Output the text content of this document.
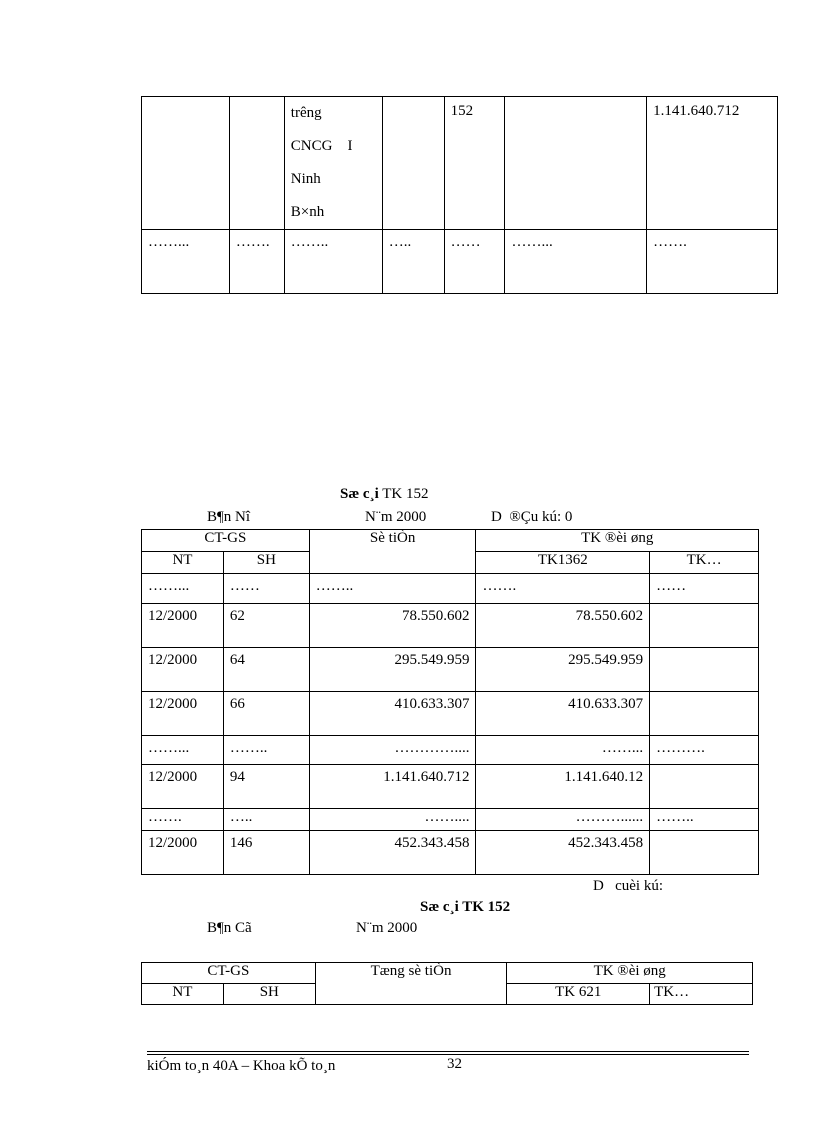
		trêng
CNCG    I
Ninh
B×nh		152		1.141.640.712
……...	…….	……..	…..	……	……...	…….
Sæ c¸i TK 152
B¶n Nî	N¨m 2000	D  ®Çu kú: 0
CT-GS		Sè tiÒn	TK ®èi øng	
NT	SH		TK1362	TK…
……...	……	……..	…….	……
12/2000	62	78.550.602	78.550.602	
12/2000	64	295.549.959	295.549.959	
12/2000	66	410.633.307	410.633.307	
……...	……..	…………....	……...	……….
12/2000	94	1.141.640.712	1.141.640.12	
…….	…..	……....	………......	……..
12/2000	146	452.343.458	452.343.458	
D   cuèi kú:
Sæ c¸i TK 152
B¶n Cã	N¨m 2000
CT-GS		Tæng sè tiÒn	TK ®èi øng	
NT	SH		TK 621	TK…
kiÓm to¸n 40A – Khoa kÕ to¸n	32
